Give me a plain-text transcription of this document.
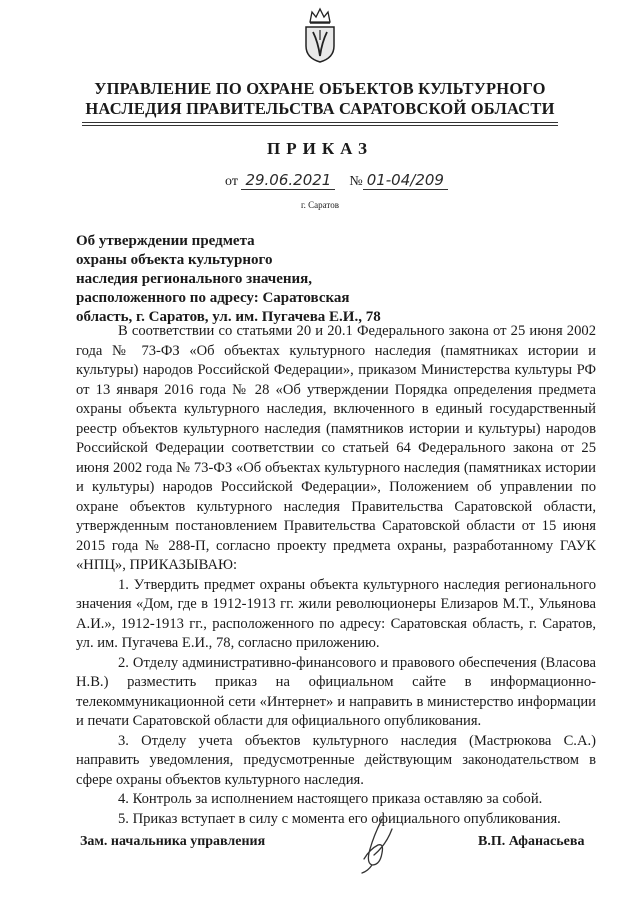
УПРАВЛЕНИЕ ПО ОХРАНЕ ОБЪЕКТОВ КУЛЬТУРНОГО
НАСЛЕДИЯ ПРАВИТЕЛЬСТВА САРАТОВСКОЙ ОБЛАСТИ
ПРИКАЗ
от 29.06.2021 № 01-04/209
г. Саратов
Об утверждении предмета
охраны объекта культурного
наследия регионального значения,
расположенного по адресу: Саратовская
область, г. Саратов, ул. им. Пугачева Е.И., 78

В соответствии со статьями 20 и 20.1 Федерального закона от 25 июня 2002 года № 73-ФЗ «Об объектах культурного наследия (памятниках истории и культуры) народов Российской Федерации», приказом Министерства культуры РФ от 13 января 2016 года № 28 «Об утверждении Порядка определения предмета охраны объекта культурного наследия, включенного в единый государственный реестр объектов культурного наследия (памятников истории и культуры) народов Российской Федерации соответствии со статьей 64 Федерального закона от 25 июня 2002 года № 73-ФЗ «Об объектах культурного наследия (памятниках истории и культуры) народов Российской Федерации», Положением об управлении по охране объектов культурного наследия Правительства Саратовской области, утвержденным постановлением Правительства Саратовской области от 15 июня 2015 года № 288-П, согласно проекту предмета охраны, разработанному ГАУК «НПЦ», ПРИКАЗЫВАЮ:

1. Утвердить предмет охраны объекта культурного наследия регионального значения «Дом, где в 1912-1913 гг. жили революционеры Елизаров М.Т., Ульянова А.И.», 1912-1913 гг., расположенного по адресу: Саратовская область, г. Саратов, ул. им. Пугачева Е.И., 78, согласно приложению.

2. Отделу административно-финансового и правового обеспечения (Власова Н.В.) разместить приказ на официальном сайте в информационно-телекоммуникационной сети «Интернет» и направить в министерство информации и печати Саратовской области для официального опубликования.

3. Отделу учета объектов культурного наследия (Мастрюкова С.А.) направить уведомления, предусмотренные действующим законодательством в сфере охраны объектов культурного наследия.

4. Контроль за исполнением настоящего приказа оставляю за собой.

5. Приказ вступает в силу с момента его официального опубликования.

Зам. начальника управления	В.П. Афанасьева
